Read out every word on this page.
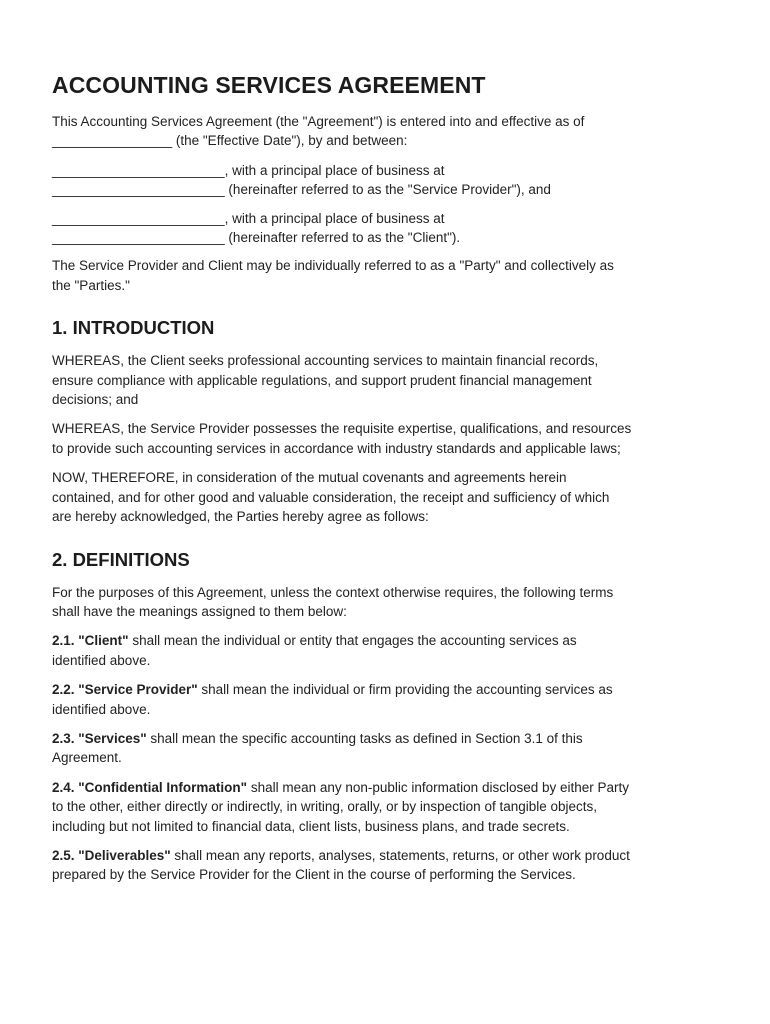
ACCOUNTING SERVICES AGREEMENT

This Accounting Services Agreement (the "Agreement") is entered into and effective as of
________________ (the "Effective Date"), by and between:

_______________________, with a principal place of business at
_______________________ (hereinafter referred to as the "Service Provider"), and

_______________________, with a principal place of business at
_______________________ (hereinafter referred to as the "Client").

The Service Provider and Client may be individually referred to as a "Party" and collectively as
the "Parties."

1. INTRODUCTION

WHEREAS, the Client seeks professional accounting services to maintain financial records,
ensure compliance with applicable regulations, and support prudent financial management
decisions; and

WHEREAS, the Service Provider possesses the requisite expertise, qualifications, and resources
to provide such accounting services in accordance with industry standards and applicable laws;

NOW, THEREFORE, in consideration of the mutual covenants and agreements herein
contained, and for other good and valuable consideration, the receipt and sufficiency of which
are hereby acknowledged, the Parties hereby agree as follows:

2. DEFINITIONS

For the purposes of this Agreement, unless the context otherwise requires, the following terms
shall have the meanings assigned to them below:

2.1. "Client" shall mean the individual or entity that engages the accounting services as
identified above.

2.2. "Service Provider" shall mean the individual or firm providing the accounting services as
identified above.

2.3. "Services" shall mean the specific accounting tasks as defined in Section 3.1 of this
Agreement.

2.4. "Confidential Information" shall mean any non-public information disclosed by either Party
to the other, either directly or indirectly, in writing, orally, or by inspection of tangible objects,
including but not limited to financial data, client lists, business plans, and trade secrets.

2.5. "Deliverables" shall mean any reports, analyses, statements, returns, or other work product
prepared by the Service Provider for the Client in the course of performing the Services.
